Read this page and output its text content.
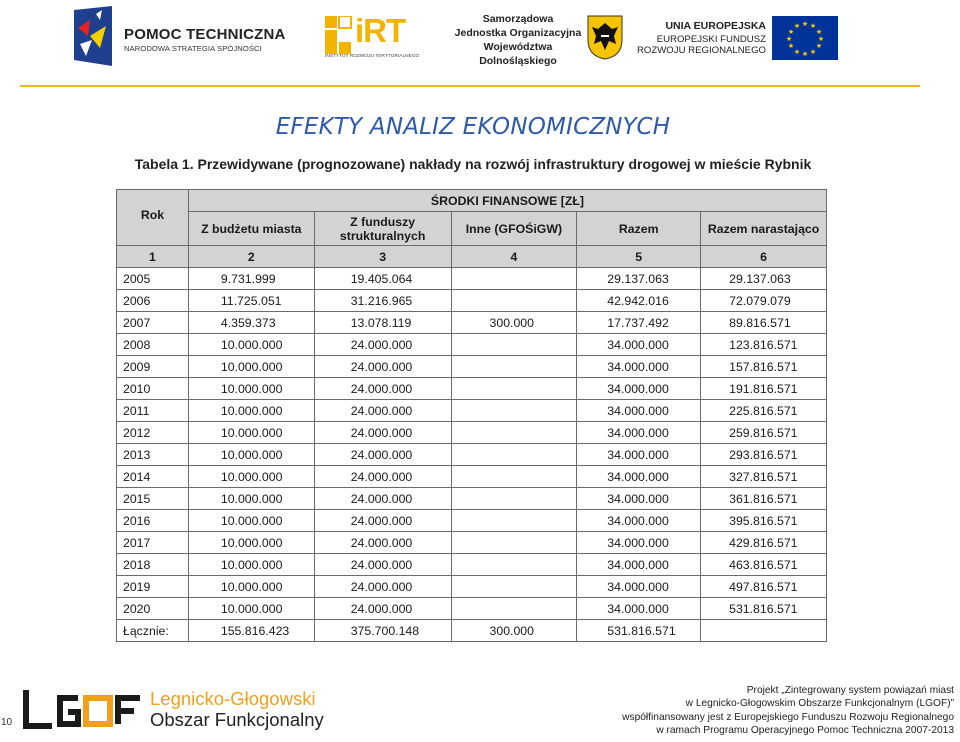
POMOC TECHNICZNA
NARODOWA STRATEGIA SPÓJNOŚCI	iRT
INSTYTUT ROZWOJU TERYTORIALNEGO
Samorządowa
Jednostka Organizacyjna
Województwa Dolnośląskiego
UNIA EUROPEJSKA
EUROPEJSKI FUNDUSZ
ROZWOJU REGIONALNEGO
★ ★
★
★
★
★
★
★
★
★
★
★
EFEKTY ANALIZ EKONOMICZNYCH
Tabela 1. Przewidywane (prognozowane) nakłady na rozwój infrastruktury drogowej w mieście Rybnik
Rok	ŚRODKI FINANSOWE [ZŁ]				
	Z budżetu miasta	Z funduszy strukturalnych	Inne (GFOŚiGW)	Razem	Razem narastająco
1	2	3	4	5	6
2005	9.731.999	19.405.064		29.137.063	29.137.063
2006	11.725.051	31.216.965		42.942.016	72.079.079
2007	4.359.373	13.078.119	300.000	17.737.492	89.816.571
2008	10.000.000	24.000.000		34.000.000	123.816.571
2009	10.000.000	24.000.000		34.000.000	157.816.571
2010	10.000.000	24.000.000		34.000.000	191.816.571
2011	10.000.000	24.000.000		34.000.000	225.816.571
2012	10.000.000	24.000.000		34.000.000	259.816.571
2013	10.000.000	24.000.000		34.000.000	293.816.571
2014	10.000.000	24.000.000		34.000.000	327.816.571
2015	10.000.000	24.000.000		34.000.000	361.816.571
2016	10.000.000	24.000.000		34.000.000	395.816.571
2017	10.000.000	24.000.000		34.000.000	429.816.571
2018	10.000.000	24.000.000		34.000.000	463.816.571
2019	10.000.000	24.000.000		34.000.000	497.816.571
2020	10.000.000	24.000.000		34.000.000	531.816.571
Łącznie:	155.816.423	375.700.148	300.000	531.816.571	
10
Legnicko-Głogowski
Obszar Funkcjonalny
Projekt „Zintegrowany system powiązań miast
w Legnicko-Głogowskim Obszarze Funkcjonalnym (LGOF)”
współfinansowany jest z Europejskiego Funduszu Rozwoju Regionalnego
w ramach Programu Operacyjnego Pomoc Techniczna 2007-2013
